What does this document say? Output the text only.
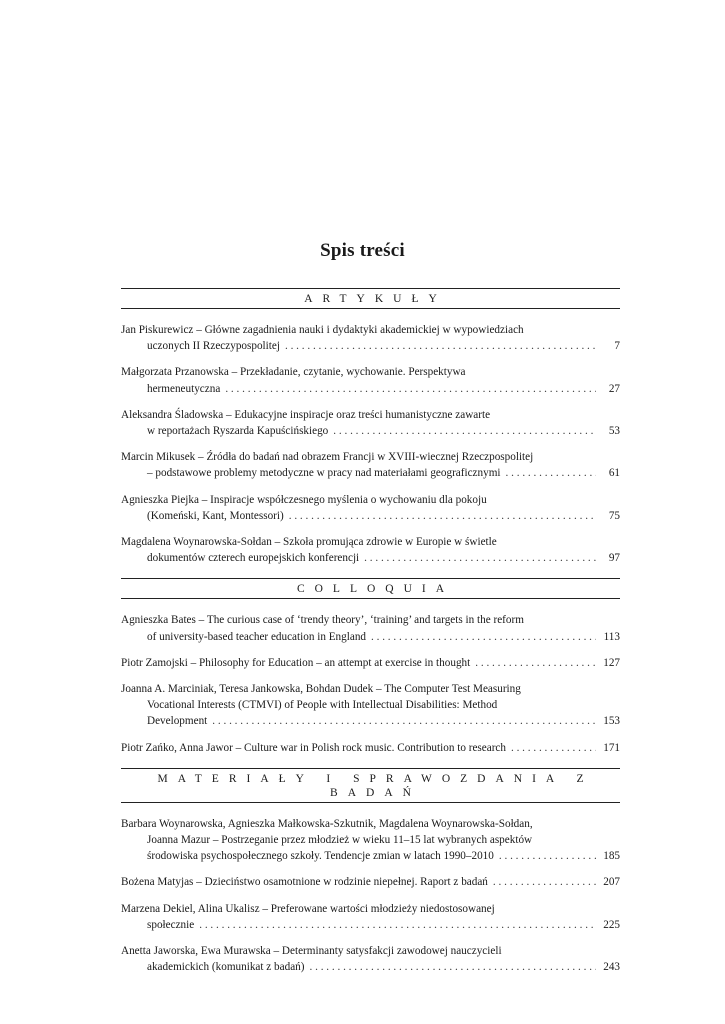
Spis treści
ARTYKUŁY
Jan Piskurewicz – Główne zagadnienia nauki i dydaktyki akademickiej w wypowiedziach
uczonych II Rzeczypospolitej . . .	7
Małgorzata Przanowska – Przekładanie, czytanie, wychowanie. Perspektywa
hermeneutyczna . . .	27
Aleksandra Śladowska – Edukacyjne inspiracje oraz treści humanistyczne zawarte
w reportażach Ryszarda Kapuścińskiego . . .	53
Marcin Mikusek – Źródła do badań nad obrazem Francji w XVIII-wiecznej Rzeczpospolitej
– podstawowe problemy metodyczne w pracy nad materiałami geograficznymi . . .	61
Agnieszka Piejka – Inspiracje współczesnego myślenia o wychowaniu dla pokoju
(Komeński, Kant, Montessori) . . .	75
Magdalena Woynarowska-Sołdan – Szkoła promująca zdrowie w Europie w świetle
dokumentów czterech europejskich konferencji . . .	97
COLLOQUIA
Agnieszka Bates – The curious case of ‘trendy theory’, ‘training’ and targets in the reform
of university-based teacher education in England . . .	113
Piotr Zamojski – Philosophy for Education – an attempt at exercise in thought . . .	127
Joanna A. Marciniak, Teresa Jankowska, Bohdan Dudek – The Computer Test Measuring
Vocational Interests (CTMVI) of People with Intellectual Disabilities: Method
Development . . .	153
Piotr Zańko, Anna Jawor – Culture war in Polish rock music. Contribution to research . . .	171
MATERIAŁY I SPRAWOZDANIA Z BADAŃ
Barbara Woynarowska, Agnieszka Małkowska-Szkutnik, Magdalena Woynarowska-Sołdan,
Joanna Mazur – Postrzeganie przez młodzież w wieku 11–15 lat wybranych aspektów
środowiska psychospołecznego szkoły. Tendencje zmian w latach 1990–2010 . . .	185
Bożena Matyjas – Dzieciństwo osamotnione w rodzinie niepełnej. Raport z badań . . .	207
Marzena Dekiel, Alina Ukalisz – Preferowane wartości młodzieży niedostosowanej
społecznie . . .	225
Anetta Jaworska, Ewa Murawska – Determinanty satysfakcji zawodowej nauczycieli
akademickich (komunikat z badań) . . .	243
